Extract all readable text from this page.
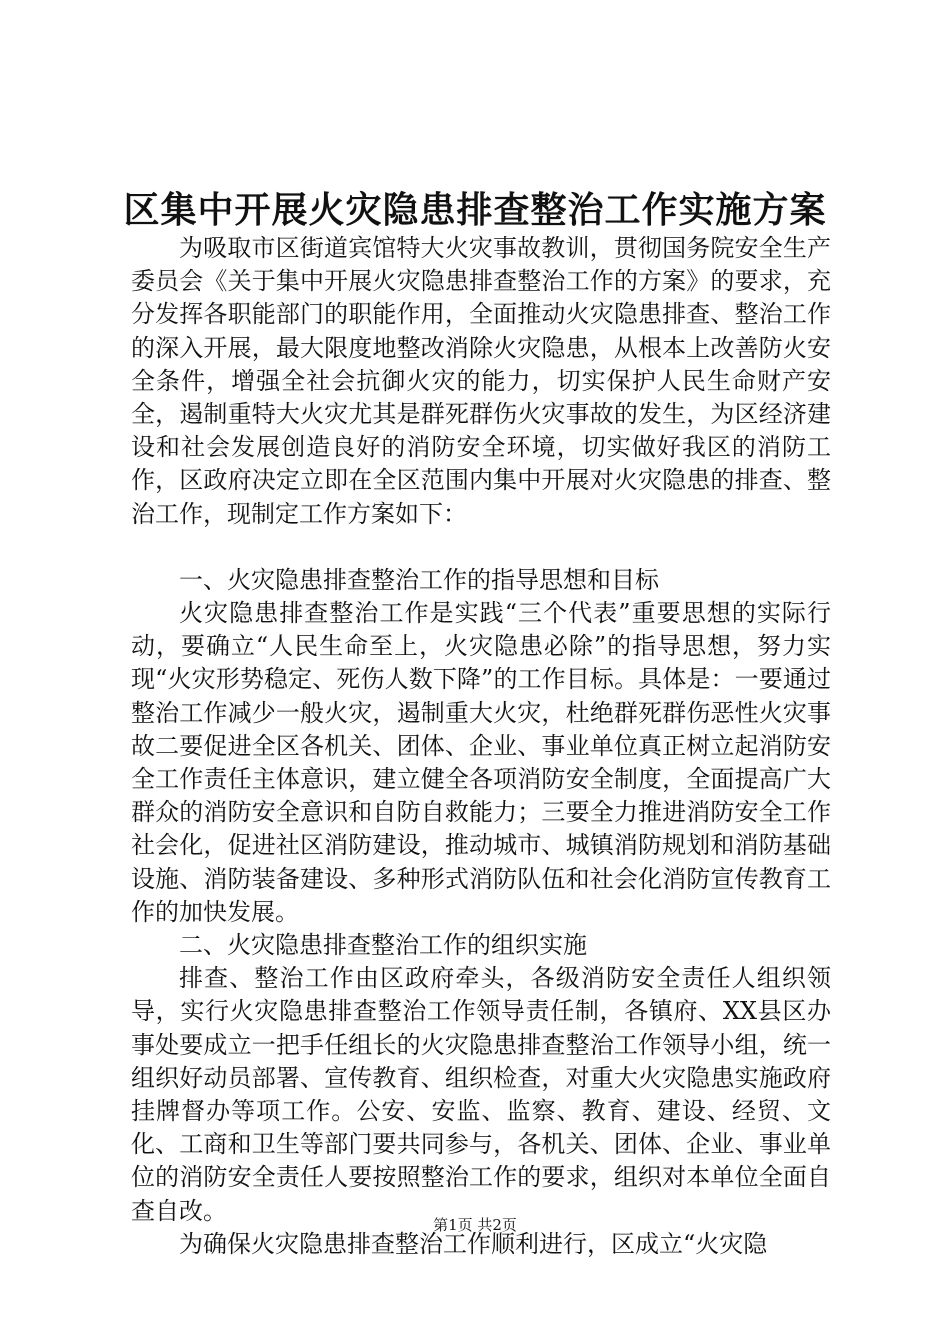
区集中开展火灾隐患排查整治工作实施方案

为吸取市区街道宾馆特大火灾事故教训，贯彻国务院安全生产委员会《关于集中开展火灾隐患排查整治工作的方案》的要求，充分发挥各职能部门的职能作用，全面推动火灾隐患排查、整治工作的深入开展，最大限度地整改消除火灾隐患，从根本上改善防火安全条件，增强全社会抗御火灾的能力，切实保护人民生命财产安全，遏制重特大火灾尤其是群死群伤火灾事故的发生，为区经济建设和社会发展创造良好的消防安全环境，切实做好我区的消防工作，区政府决定立即在全区范围内集中开展对火灾隐患的排查、整治工作，现制定工作方案如下：

一、火灾隐患排查整治工作的指导思想和目标

火灾隐患排查整治工作是实践“三个代表”重要思想的实际行动，要确立“人民生命至上，火灾隐患必除”的指导思想，努力实现“火灾形势稳定、死伤人数下降”的工作目标。具体是：一要通过整治工作减少一般火灾，遏制重大火灾，杜绝群死群伤恶性火灾事故二要促进全区各机关、团体、企业、事业单位真正树立起消防安全工作责任主体意识，建立健全各项消防安全制度，全面提高广大群众的消防安全意识和自防自救能力；三要全力推进消防安全工作社会化，促进社区消防建设，推动城市、城镇消防规划和消防基础设施、消防装备建设、多种形式消防队伍和社会化消防宣传教育工作的加快发展。

二、火灾隐患排查整治工作的组织实施

排查、整治工作由区政府牵头，各级消防安全责任人组织领导，实行火灾隐患排查整治工作领导责任制，各镇府、XX县区办事处要成立一把手任组长的火灾隐患排查整治工作领导小组，统一组织好动员部署、宣传教育、组织检查，对重大火灾隐患实施政府挂牌督办等项工作。公安、安监、监察、教育、建设、经贸、文化、工商和卫生等部门要共同参与，各机关、团体、企业、事业单位的消防安全责任人要按照整治工作的要求，组织对本单位全面自查自改。

为确保火灾隐患排查整治工作顺利进行，区成立“火灾隐

第1页 共2页
